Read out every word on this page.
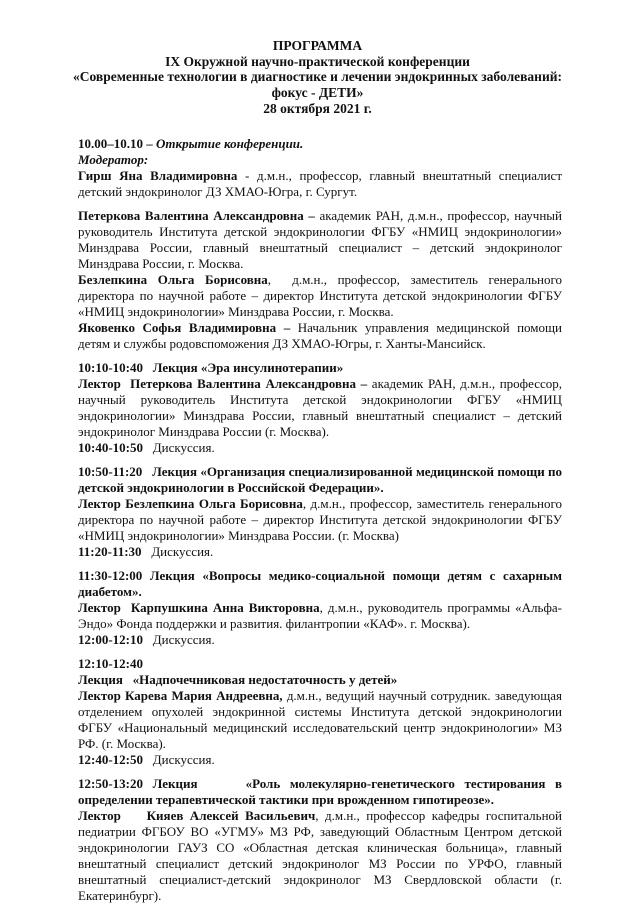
ПРОГРАММА
IX Окружной научно-практической конференции
«Современные технологии в диагностике и лечении эндокринных заболеваний:
фокус - ДЕТИ»
28 октября 2021 г.

10.00–10.10 – Открытие конференции.

Модератор:

Гирш Яна Владимировна - д.м.н., профессор, главный внештатный специалист детский эндокринолог ДЗ ХМАО-Югра, г. Сургут.

Петеркова Валентина Александровна – академик РАН, д.м.н., профессор, научный руководитель Института детской эндокринологии ФГБУ «НМИЦ эндокринологии» Минздрава России, главный внештатный специалист – детский эндокринолог Минздрава России, г. Москва.

Безлепкина Ольга Борисовна,  д.м.н., профессор, заместитель генерального директора по научной работе – директор Института детской эндокринологии ФГБУ «НМИЦ эндокринологии» Минздрава России, г. Москва.

Яковенко Софья Владимировна – Начальник управления медицинской помощи детям и службы родовспоможения ДЗ ХМАО-Югры, г. Ханты-Мансийск.

10:10-10:40   Лекция «Эра инсулинотерапии»

Лектор  Петеркова Валентина Александровна – академик РАН, д.м.н., профессор, научный руководитель Института детской эндокринологии ФГБУ «НМИЦ эндокринологии» Минздрава России, главный внештатный специалист – детский эндокринолог Минздрава России (г. Москва).

10:40-10:50   Дискуссия.

10:50-11:20   Лекция «Организация специализированной медицинской помощи по детской эндокринологии в Российской Федерации».

Лектор Безлепкина Ольга Борисовна, д.м.н., профессор, заместитель генерального директора по научной работе – директор Института детской эндокринологии ФГБУ «НМИЦ эндокринологии» Минздрава России. (г. Москва)

11:20-11:30   Дискуссия.

11:30-12:00 Лекция «Вопросы медико-социальной помощи детям с сахарным диабетом».

Лектор  Карпушкина Анна Викторовна, д.м.н., руководитель программы «Альфа-Эндо» Фонда поддержки и развития. филантропии «КАФ». г. Москва).

12:00-12:10   Дискуссия.

12:10-12:40

Лекция   «Надпочечниковая недостаточность у детей»

Лектор Карева Мария Андреевна, д.м.н., ведущий научный сотрудник. заведующая отделением опухолей эндокринной системы Института детской эндокринологии ФГБУ «Национальный медицинский исследовательский центр эндокринологии» МЗ РФ. (г. Москва).

12:40-12:50   Дискуссия.

12:50-13:20 Лекция     «Роль молекулярно-генетического тестирования в определении терапевтической тактики при врожденном гипотиреозе».

Лектор    Кияев Алексей Васильевич, д.м.н., профессор кафедры госпитальной педиатрии ФГБОУ ВО «УГМУ» МЗ РФ, заведующий Областным Центром детской эндокринологии ГАУЗ СО «Областная детская клиническая больница», главный внештатный специалист детский эндокринолог МЗ России по УРФО, главный внештатный специалист-детский эндокринолог МЗ Свердловской области (г. Екатеринбург).
